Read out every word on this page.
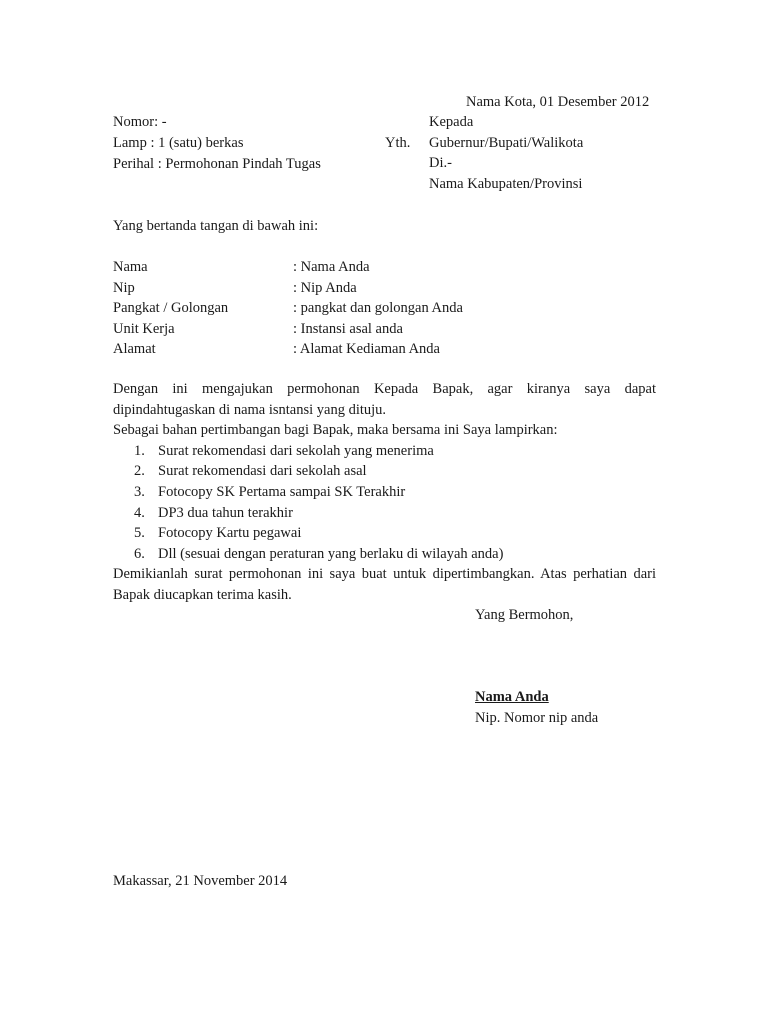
Nama Kota, 01 Desember 2012
Nomor: -
Lamp : 1 (satu) berkas
Perihal : Permohonan Pindah Tugas
Yth.
Kepada
Gubernur/Bupati/Walikota
Di.-
Nama Kabupaten/Provinsi
Yang bertanda tangan di bawah ini:
Nama	: Nama Anda
Nip	: Nip Anda
Pangkat / Golongan	: pangkat dan golongan Anda
Unit Kerja	: Instansi asal anda
Alamat	: Alamat Kediaman Anda

Dengan ini mengajukan permohonan Kepada Bapak, agar kiranya saya dapat dipindahtugaskan di nama isntansi yang dituju.

Sebagai bahan pertimbangan bagi Bapak, maka bersama ini Saya lampirkan:

1. Surat rekomendasi dari sekolah yang menerima
2. Surat rekomendasi dari sekolah asal
3. Fotocopy SK Pertama sampai SK Terakhir
4. DP3 dua tahun terakhir
5. Fotocopy Kartu pegawai
6. Dll (sesuai dengan peraturan yang berlaku di wilayah anda)

Demikianlah surat permohonan ini saya buat untuk dipertimbangkan. Atas perhatian dari Bapak diucapkan terima kasih.

Yang Bermohon,
Nama Anda
Nip. Nomor nip anda
Makassar, 21 November 2014
